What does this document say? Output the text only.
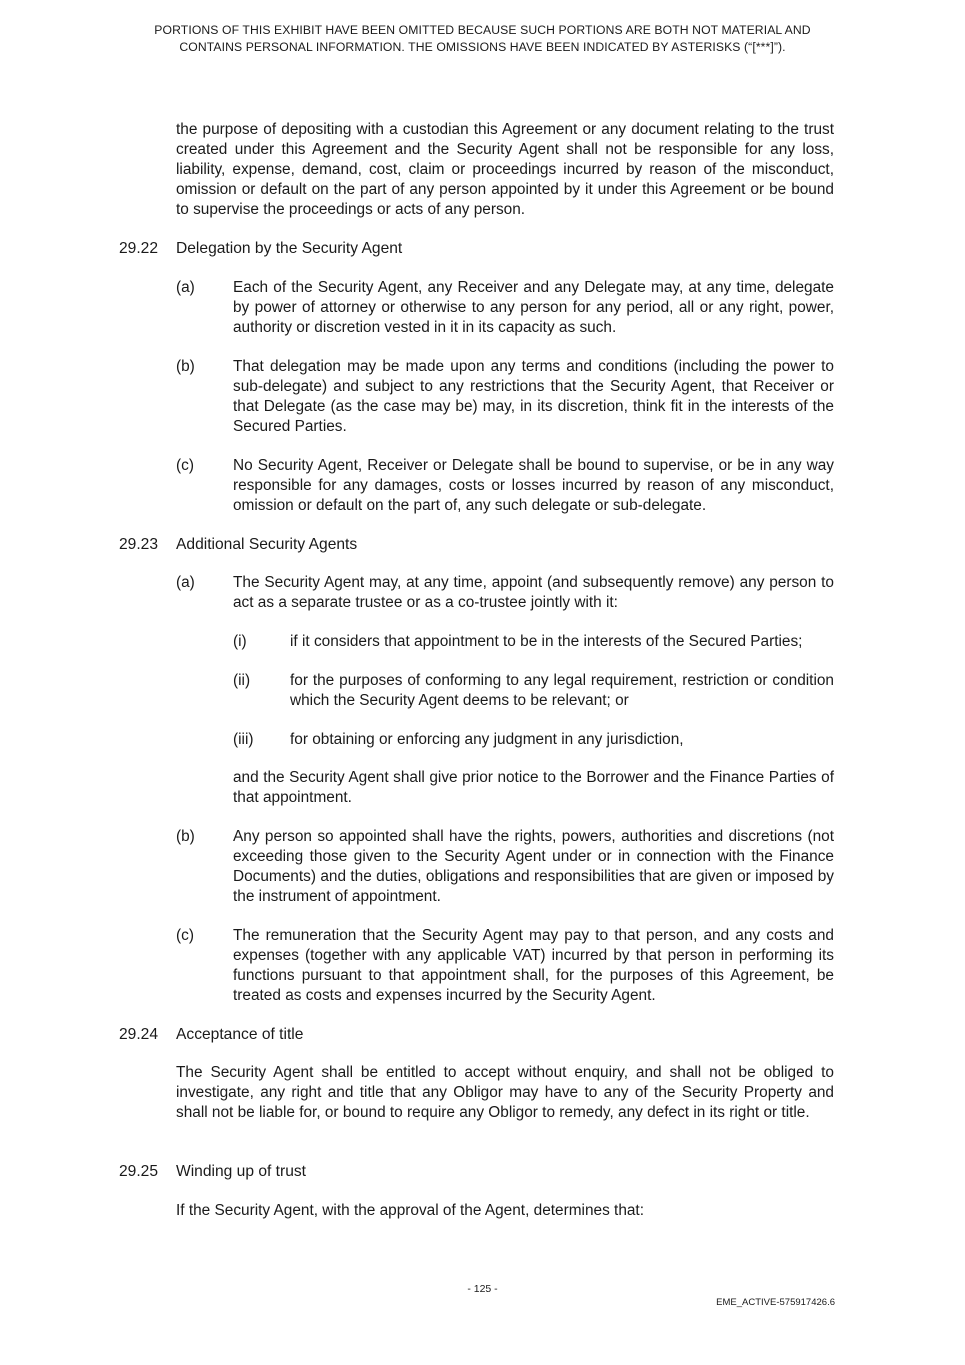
PORTIONS OF THIS EXHIBIT HAVE BEEN OMITTED BECAUSE SUCH PORTIONS ARE BOTH NOT MATERIAL AND
CONTAINS PERSONAL INFORMATION. THE OMISSIONS HAVE BEEN INDICATED BY ASTERISKS (“[***]”).
the purpose of depositing with a custodian this Agreement or any document relating to the trust created under this Agreement and the Security Agent shall not be responsible for any loss, liability, expense, demand, cost, claim or proceedings incurred by reason of the misconduct, omission or default on the part of any person appointed by it under this Agreement or be bound to supervise the proceedings or acts of any person.
29.22 Delegation by the Security Agent
(a) Each of the Security Agent, any Receiver and any Delegate may, at any time, delegate by power of attorney or otherwise to any person for any period, all or any right, power, authority or discretion vested in it in its capacity as such.
(b) That delegation may be made upon any terms and conditions (including the power to sub-delegate) and subject to any restrictions that the Security Agent, that Receiver or that Delegate (as the case may be) may, in its discretion, think fit in the interests of the Secured Parties.
(c)	No Security Agent, Receiver or Delegate shall be bound to supervise, or be in any way responsible for any damages, costs or losses incurred by reason of any misconduct, omission or default on the part of, any such delegate or sub-delegate.
29.23 Additional Security Agents
(a) The Security Agent may, at any time, appoint (and subsequently remove) any person to act as a separate trustee or as a co-trustee jointly with it:
(i)	if it considers that appointment to be in the interests of the Secured Parties;
(ii)	for the purposes of conforming to any legal requirement, restriction or condition which the Security Agent deems to be relevant; or
(iii) for obtaining or enforcing any judgment in any jurisdiction,
and the Security Agent shall give prior notice to the Borrower and the Finance Parties of that appointment.
(b) Any person so appointed shall have the rights, powers, authorities and discretions (not exceeding those given to the Security Agent under or in connection with the Finance Documents) and the duties, obligations and responsibilities that are given or imposed by the instrument of appointment.
(c)	The remuneration that the Security Agent may pay to that person, and any costs and expenses (together with any applicable VAT) incurred by that person in performing its functions pursuant to that appointment shall, for the purposes of this Agreement, be treated as costs and expenses incurred by the Security Agent.
29.24 Acceptance of title
The Security Agent shall be entitled to accept without enquiry, and shall not be obliged to investigate, any right and title that any Obligor may have to any of the Security Property and shall not be liable for, or bound to require any Obligor to remedy, any defect in its right or title.
29.25 Winding up of trust
If the Security Agent, with the approval of the Agent, determines that:
- 125 -
EME_ACTIVE-575917426.6
